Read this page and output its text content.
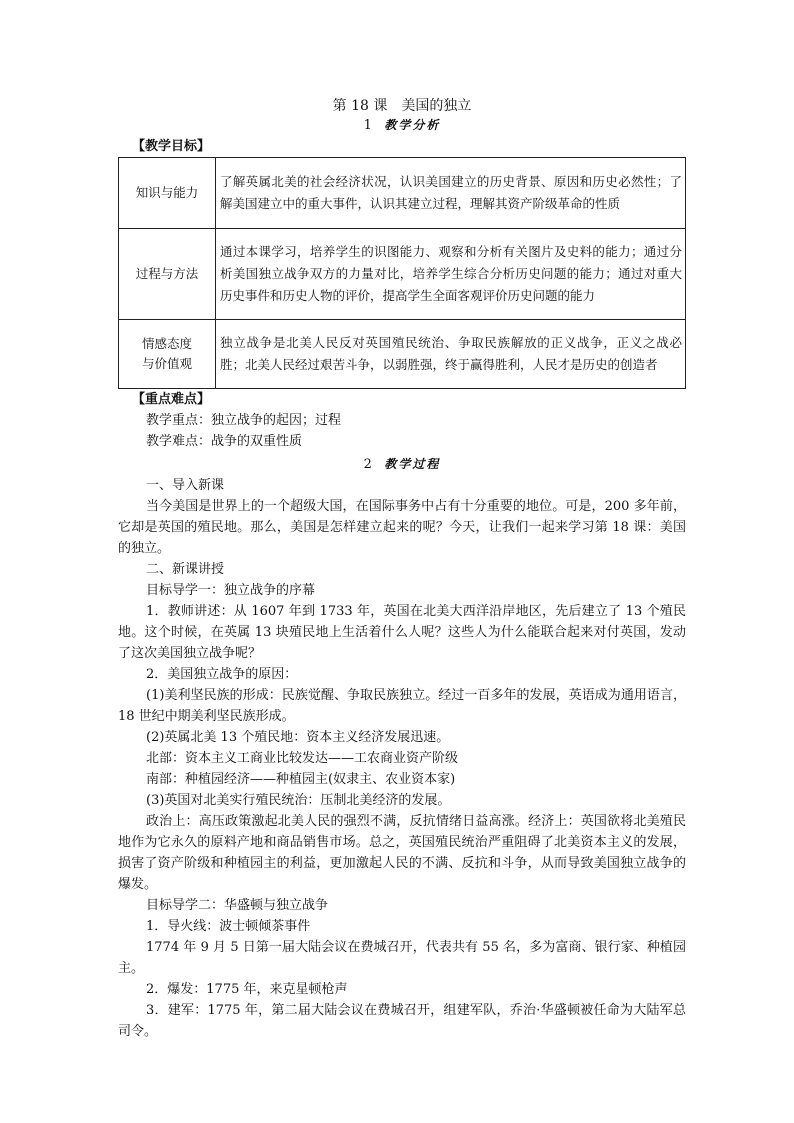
第 18 课　美国的独立

1 教学分析

【教学目标】

知识与能力	了解英属北美的社会经济状况，认识美国建立的历史背景、原因和历史必然性；了解美国建立中的重大事件，认识其建立过程，理解其资产阶级革命的性质
过程与方法	通过本课学习，培养学生的识图能力、观察和分析有关图片及史料的能力；通过分析美国独立战争双方的力量对比，培养学生综合分析历史问题的能力；通过对重大历史事件和历史人物的评价，提高学生全面客观评价历史问题的能力

情感态度
与价值观	独立战争是北美人民反对英国殖民统治、争取民族解放的正义战争，正义之战必胜；北美人民经过艰苦斗争，以弱胜强，终于赢得胜利，人民才是历史的创造者

【重点难点】

教学重点：独立战争的起因；过程

教学难点：战争的双重性质

2 教学过程

一、导入新课

当今美国是世界上的一个超级大国，在国际事务中占有十分重要的地位。可是，200 多年前，它却是英国的殖民地。那么，美国是怎样建立起来的呢？今天，让我们一起来学习第 18 课：美国的独立。

二、新课讲授

目标导学一：独立战争的序幕

1．教师讲述：从 1607 年到 1733 年，英国在北美大西洋沿岸地区，先后建立了 13 个殖民地。这个时候，在英属 13 块殖民地上生活着什么人呢？这些人为什么能联合起来对付英国，发动了这次美国独立战争呢？

2．美国独立战争的原因：

(1)美利坚民族的形成：民族觉醒、争取民族独立。经过一百多年的发展，英语成为通用语言，18 世纪中期美利坚民族形成。

(2)英属北美 13 个殖民地：资本主义经济发展迅速。

北部：资本主义工商业比较发达——工农商业资产阶级

南部：种植园经济——种植园主(奴隶主、农业资本家)

(3)英国对北美实行殖民统治：压制北美经济的发展。

政治上：高压政策激起北美人民的强烈不满，反抗情绪日益高涨。经济上：英国欲将北美殖民地作为它永久的原料产地和商品销售市场。总之，英国殖民统治严重阻碍了北美资本主义的发展，损害了资产阶级和种植园主的利益，更加激起人民的不满、反抗和斗争，从而导致美国独立战争的爆发。

目标导学二：华盛顿与独立战争

1．导火线：波士顿倾茶事件

1774 年 9 月 5 日第一届大陆会议在费城召开，代表共有 55 名，多为富商、银行家、种植园主。

2．爆发：1775 年，来克星顿枪声

3．建军：1775 年，第二届大陆会议在费城召开，组建军队，乔治·华盛顿被任命为大陆军总司令。
